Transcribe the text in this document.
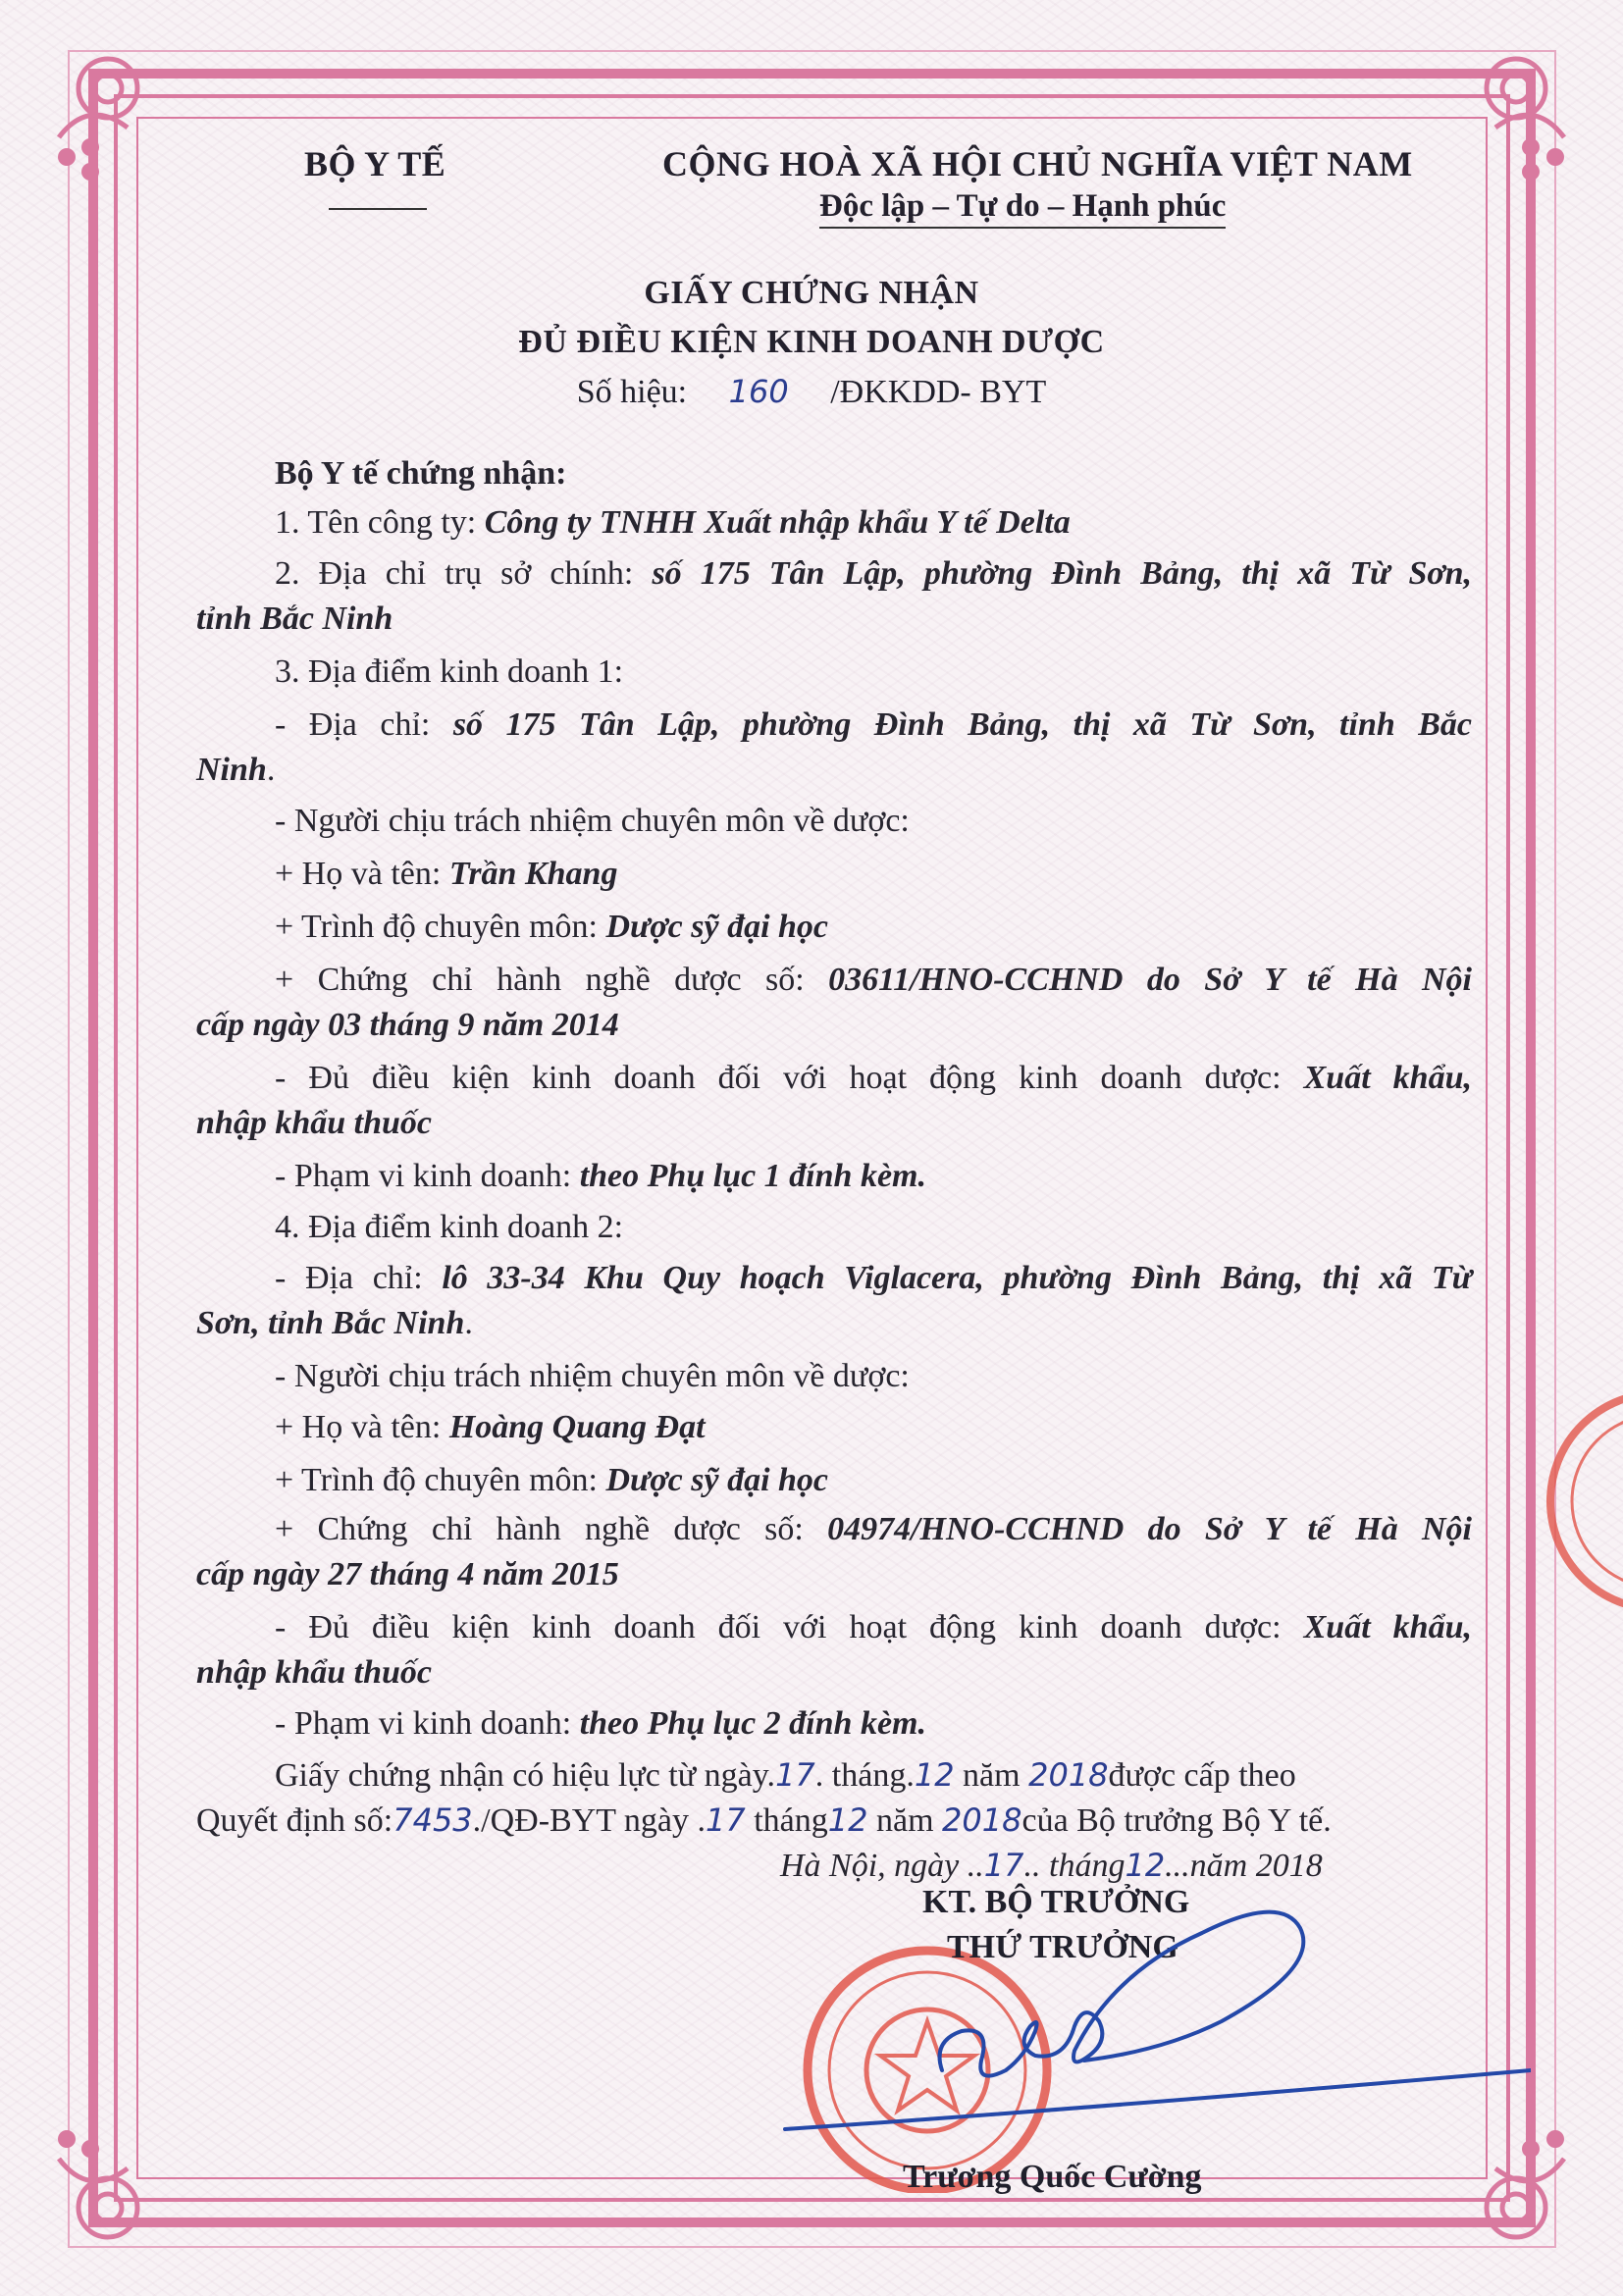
BỘ Y TẾ	CỘNG HOÀ XÃ HỘI CHỦ NGHĨA VIỆT NAM
Độc lập – Tự do – Hạnh phúc
GIẤY CHỨNG NHẬN
ĐỦ ĐIỀU KIỆN KINH DOANH DƯỢC
Số hiệu: 160 /ĐKKDD- BYT
Bộ Y tế chứng nhận:
1. Tên công ty: Công ty TNHH Xuất nhập khẩu Y tế Delta
2. Địa chỉ trụ sở chính: số 175 Tân Lập, phường Đình Bảng, thị xã Từ Sơn,
tỉnh Bắc Ninh
3. Địa điểm kinh doanh 1:
- Địa chỉ: số 175 Tân Lập, phường Đình Bảng, thị xã Từ Sơn, tỉnh Bắc
Ninh.
- Người chịu trách nhiệm chuyên môn về dược:
+ Họ và tên: Trần Khang
+ Trình độ chuyên môn: Dược sỹ đại học
+ Chứng chỉ hành nghề dược số: 03611/HNO-CCHND do Sở Y tế Hà Nội
cấp ngày 03 tháng 9 năm 2014
- Đủ điều kiện kinh doanh đối với hoạt động kinh doanh dược: Xuất khẩu,
nhập khẩu thuốc
- Phạm vi kinh doanh: theo Phụ lục 1 đính kèm.
4. Địa điểm kinh doanh 2:
- Địa chỉ: lô 33-34 Khu Quy hoạch Viglacera, phường Đình Bảng, thị xã Từ
Sơn, tỉnh Bắc Ninh.
- Người chịu trách nhiệm chuyên môn về dược:
+ Họ và tên: Hoàng Quang Đạt
+ Trình độ chuyên môn: Dược sỹ đại học
+ Chứng chỉ hành nghề dược số: 04974/HNO-CCHND do Sở Y tế Hà Nội
cấp ngày 27 tháng 4 năm 2015
- Đủ điều kiện kinh doanh đối với hoạt động kinh doanh dược: Xuất khẩu,
nhập khẩu thuốc
- Phạm vi kinh doanh: theo Phụ lục 2 đính kèm.
Giấy chứng nhận có hiệu lực từ ngày.17. tháng.12 năm 2018được cấp theo
Quyết định số:7453./QĐ-BYT ngày .17 tháng12 năm 2018của Bộ trưởng Bộ Y tế.
Hà Nội, ngày ..17.. tháng12...năm 2018
KT. BỘ TRƯỞNG
THỨ TRƯỞNG
Trương Quốc Cường
